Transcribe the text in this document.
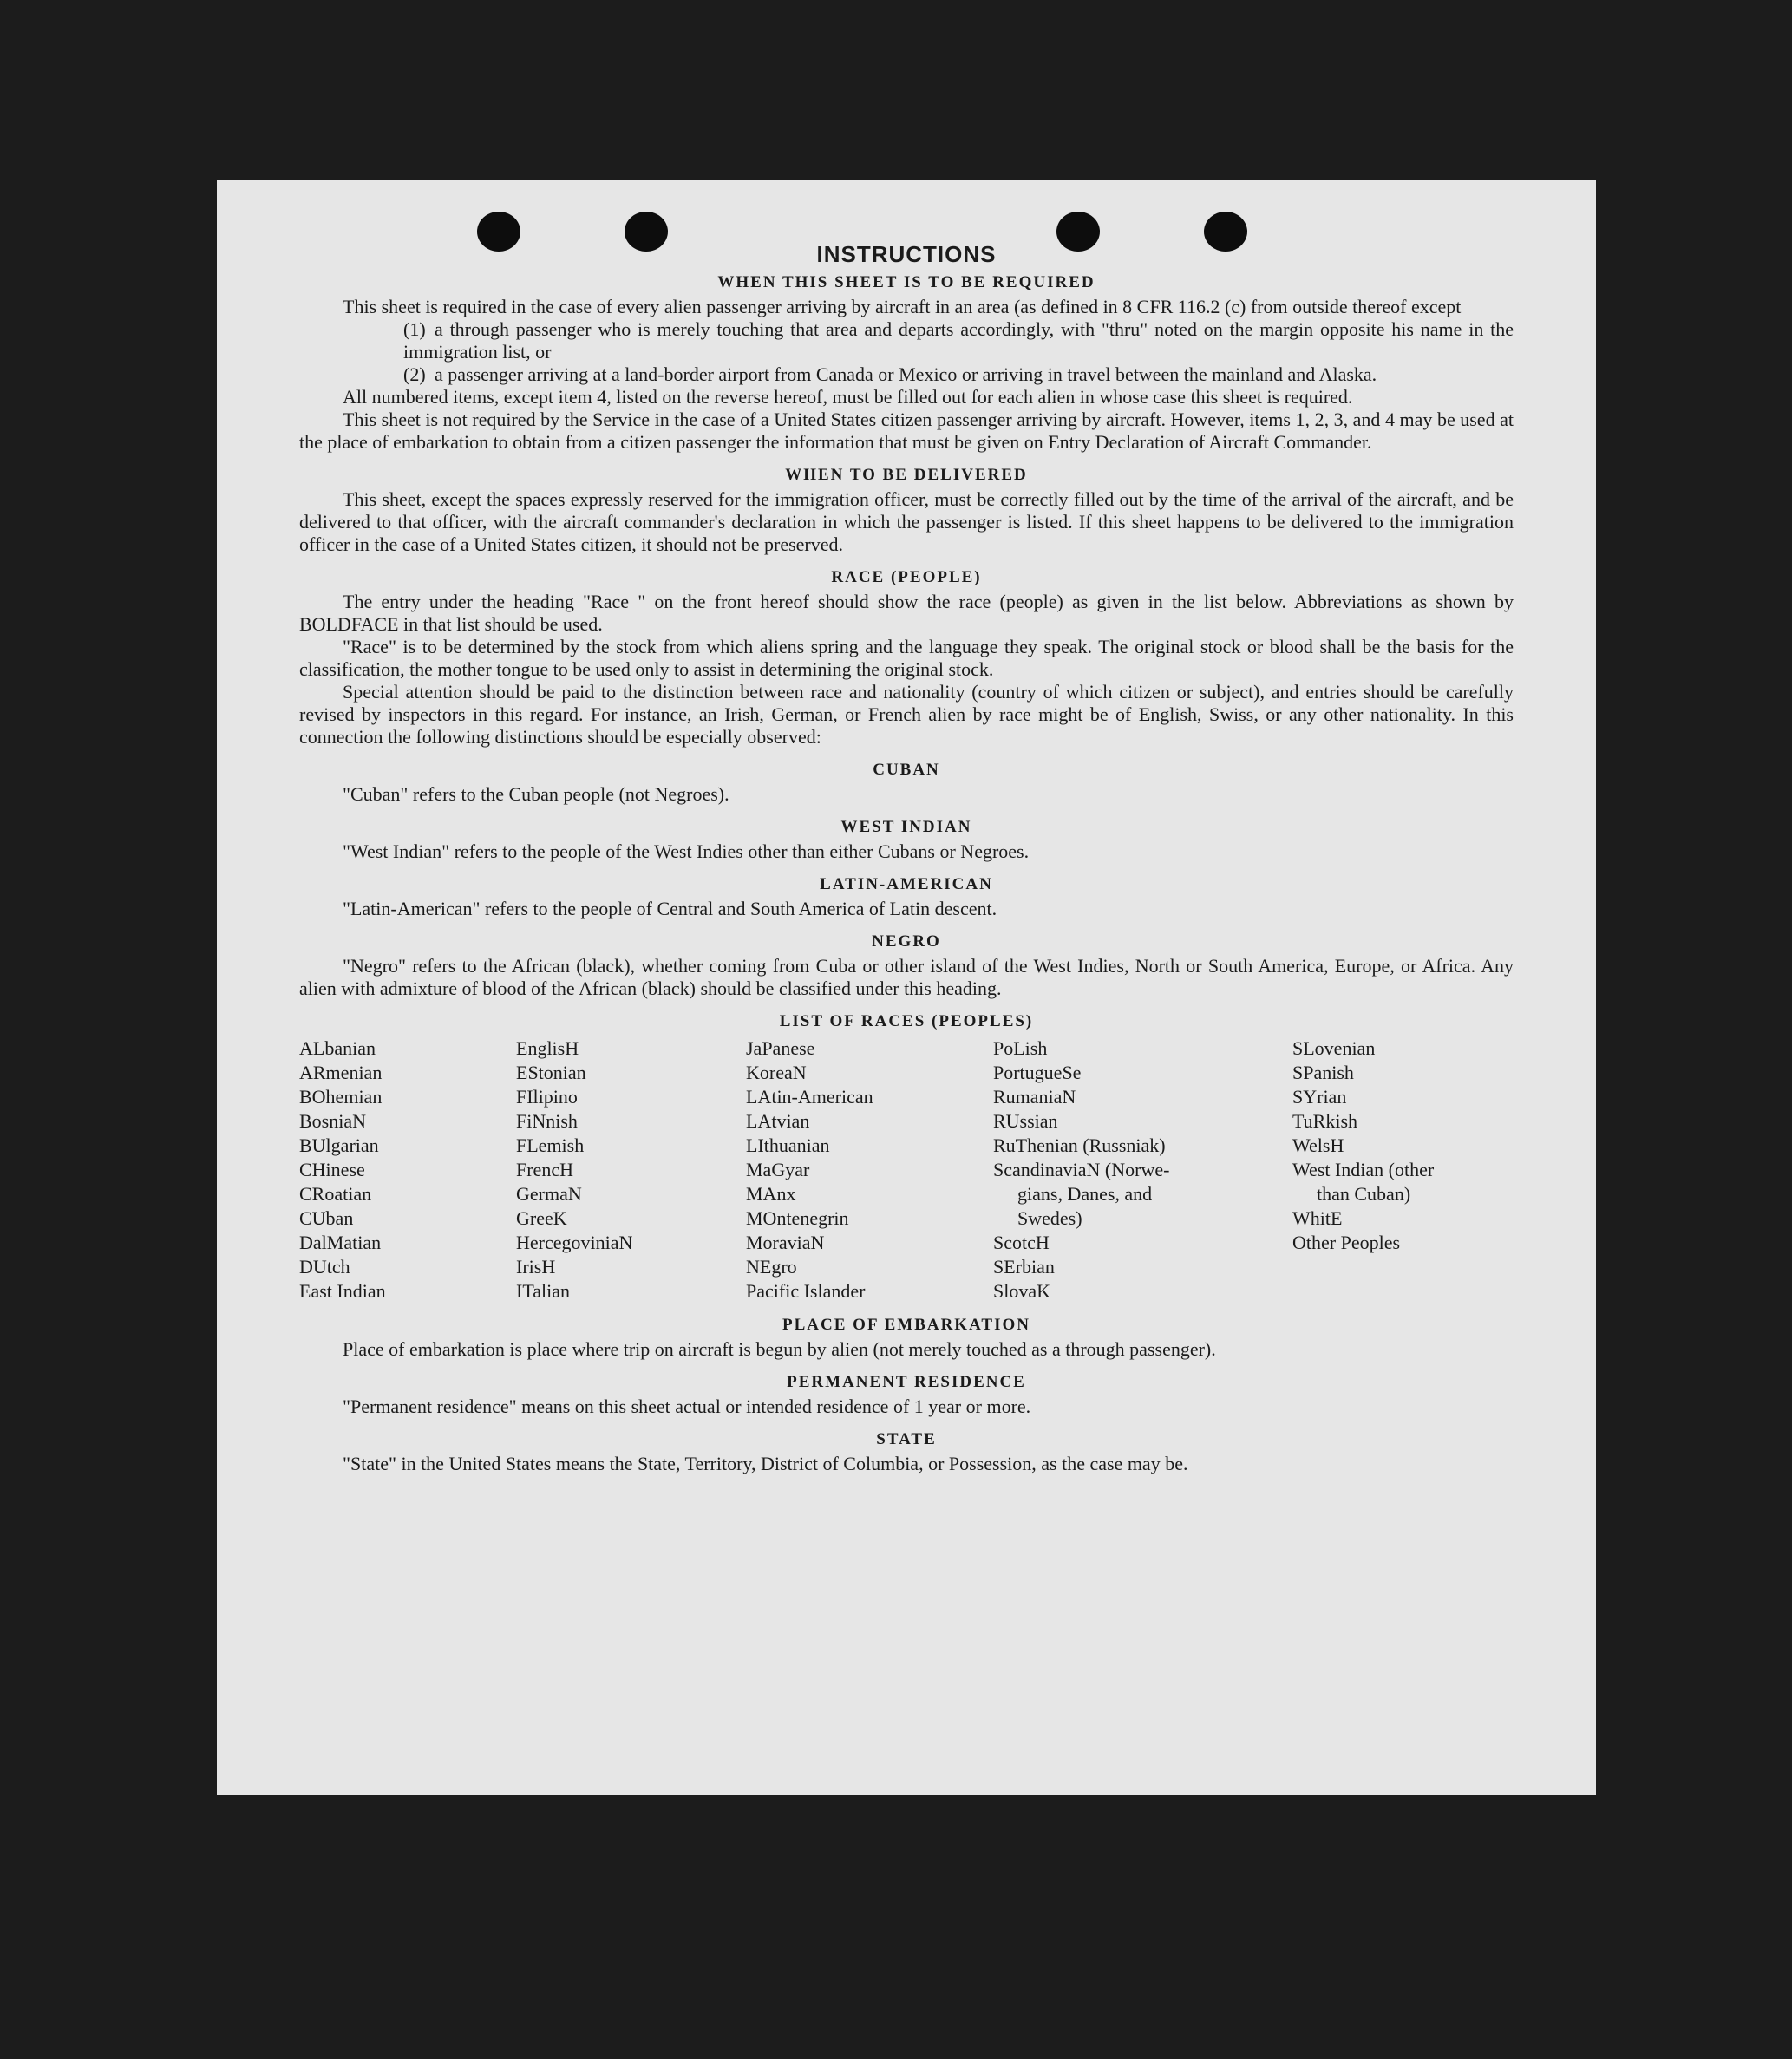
INSTRUCTIONS
WHEN THIS SHEET IS TO BE REQUIRED

This sheet is required in the case of every alien passenger arriving by aircraft in an area (as defined in 8 CFR 116.2 (c) from outside thereof except

(1) a through passenger who is merely touching that area and departs accordingly, with "thru" noted on the margin opposite his name in the immigration list, or
(2) a passenger arriving at a land-border airport from Canada or Mexico or arriving in travel between the mainland and Alaska.

All numbered items, except item 4, listed on the reverse hereof, must be filled out for each alien in whose case this sheet is required.

This sheet is not required by the Service in the case of a United States citizen passenger arriving by aircraft. However, items 1, 2, 3, and 4 may be used at the place of embarkation to obtain from a citizen passenger the information that must be given on Entry Declaration of Aircraft Commander.

WHEN TO BE DELIVERED

This sheet, except the spaces expressly reserved for the immigration officer, must be correctly filled out by the time of the arrival of the aircraft, and be delivered to that officer, with the aircraft commander's declaration in which the passenger is listed. If this sheet happens to be delivered to the immigration officer in the case of a United States citizen, it should not be preserved.

RACE (PEOPLE)

The entry under the heading "Race " on the front hereof should show the race (people) as given in the list below. Abbreviations as shown by BOLDFACE in that list should be used.

"Race" is to be determined by the stock from which aliens spring and the language they speak. The original stock or blood shall be the basis for the classification, the mother tongue to be used only to assist in determining the original stock.

Special attention should be paid to the distinction between race and nationality (country of which citizen or subject), and entries should be carefully revised by inspectors in this regard. For instance, an Irish, German, or French alien by race might be of English, Swiss, or any other nationality. In this connection the following distinctions should be especially observed:

CUBAN

"Cuban" refers to the Cuban people (not Negroes).

WEST INDIAN

"West Indian" refers to the people of the West Indies other than either Cubans or Negroes.

LATIN-AMERICAN

"Latin-American" refers to the people of Central and South America of Latin descent.

NEGRO

"Negro" refers to the African (black), whether coming from Cuba or other island of the West Indies, North or South America, Europe, or Africa. Any alien with admixture of blood of the African (black) should be classified under this heading.

LIST OF RACES (PEOPLES)
ALbanian
ARmenian
BOhemian
BosniaN
BUlgarian
CHinese
CRoatian
CUban
DalMatian
DUtch
East Indian
EnglisH
EStonian
FIlipino
FiNnish
FLemish
FrencH
GermaN
GreeK
HercegovinіaN
IrisH
ITalian
JaPanese
KoreaN
LAtin-American
LAtvian
LIthuanian
MaGyar
MAnx
MOntenegrin
MoraviaN
NEgro
Pacific Islander
PoLish
PortugueSe
RumaniaN
RUssian
RuThenian (Russniak)
ScandinaviaN (Norwe-
gians, Danes, and
Swedes)
ScotcH
SErbian
SlovaK
SLovenian
SPanish
SYrian
TuRkish
WelsH
West Indian (other
than Cuban)
WhitE
Other Peoples
PLACE OF EMBARKATION

Place of embarkation is place where trip on aircraft is begun by alien (not merely touched as a through passenger).

PERMANENT RESIDENCE

"Permanent residence" means on this sheet actual or intended residence of 1 year or more.

STATE

"State" in the United States means the State, Territory, District of Columbia, or Possession, as the case may be.
